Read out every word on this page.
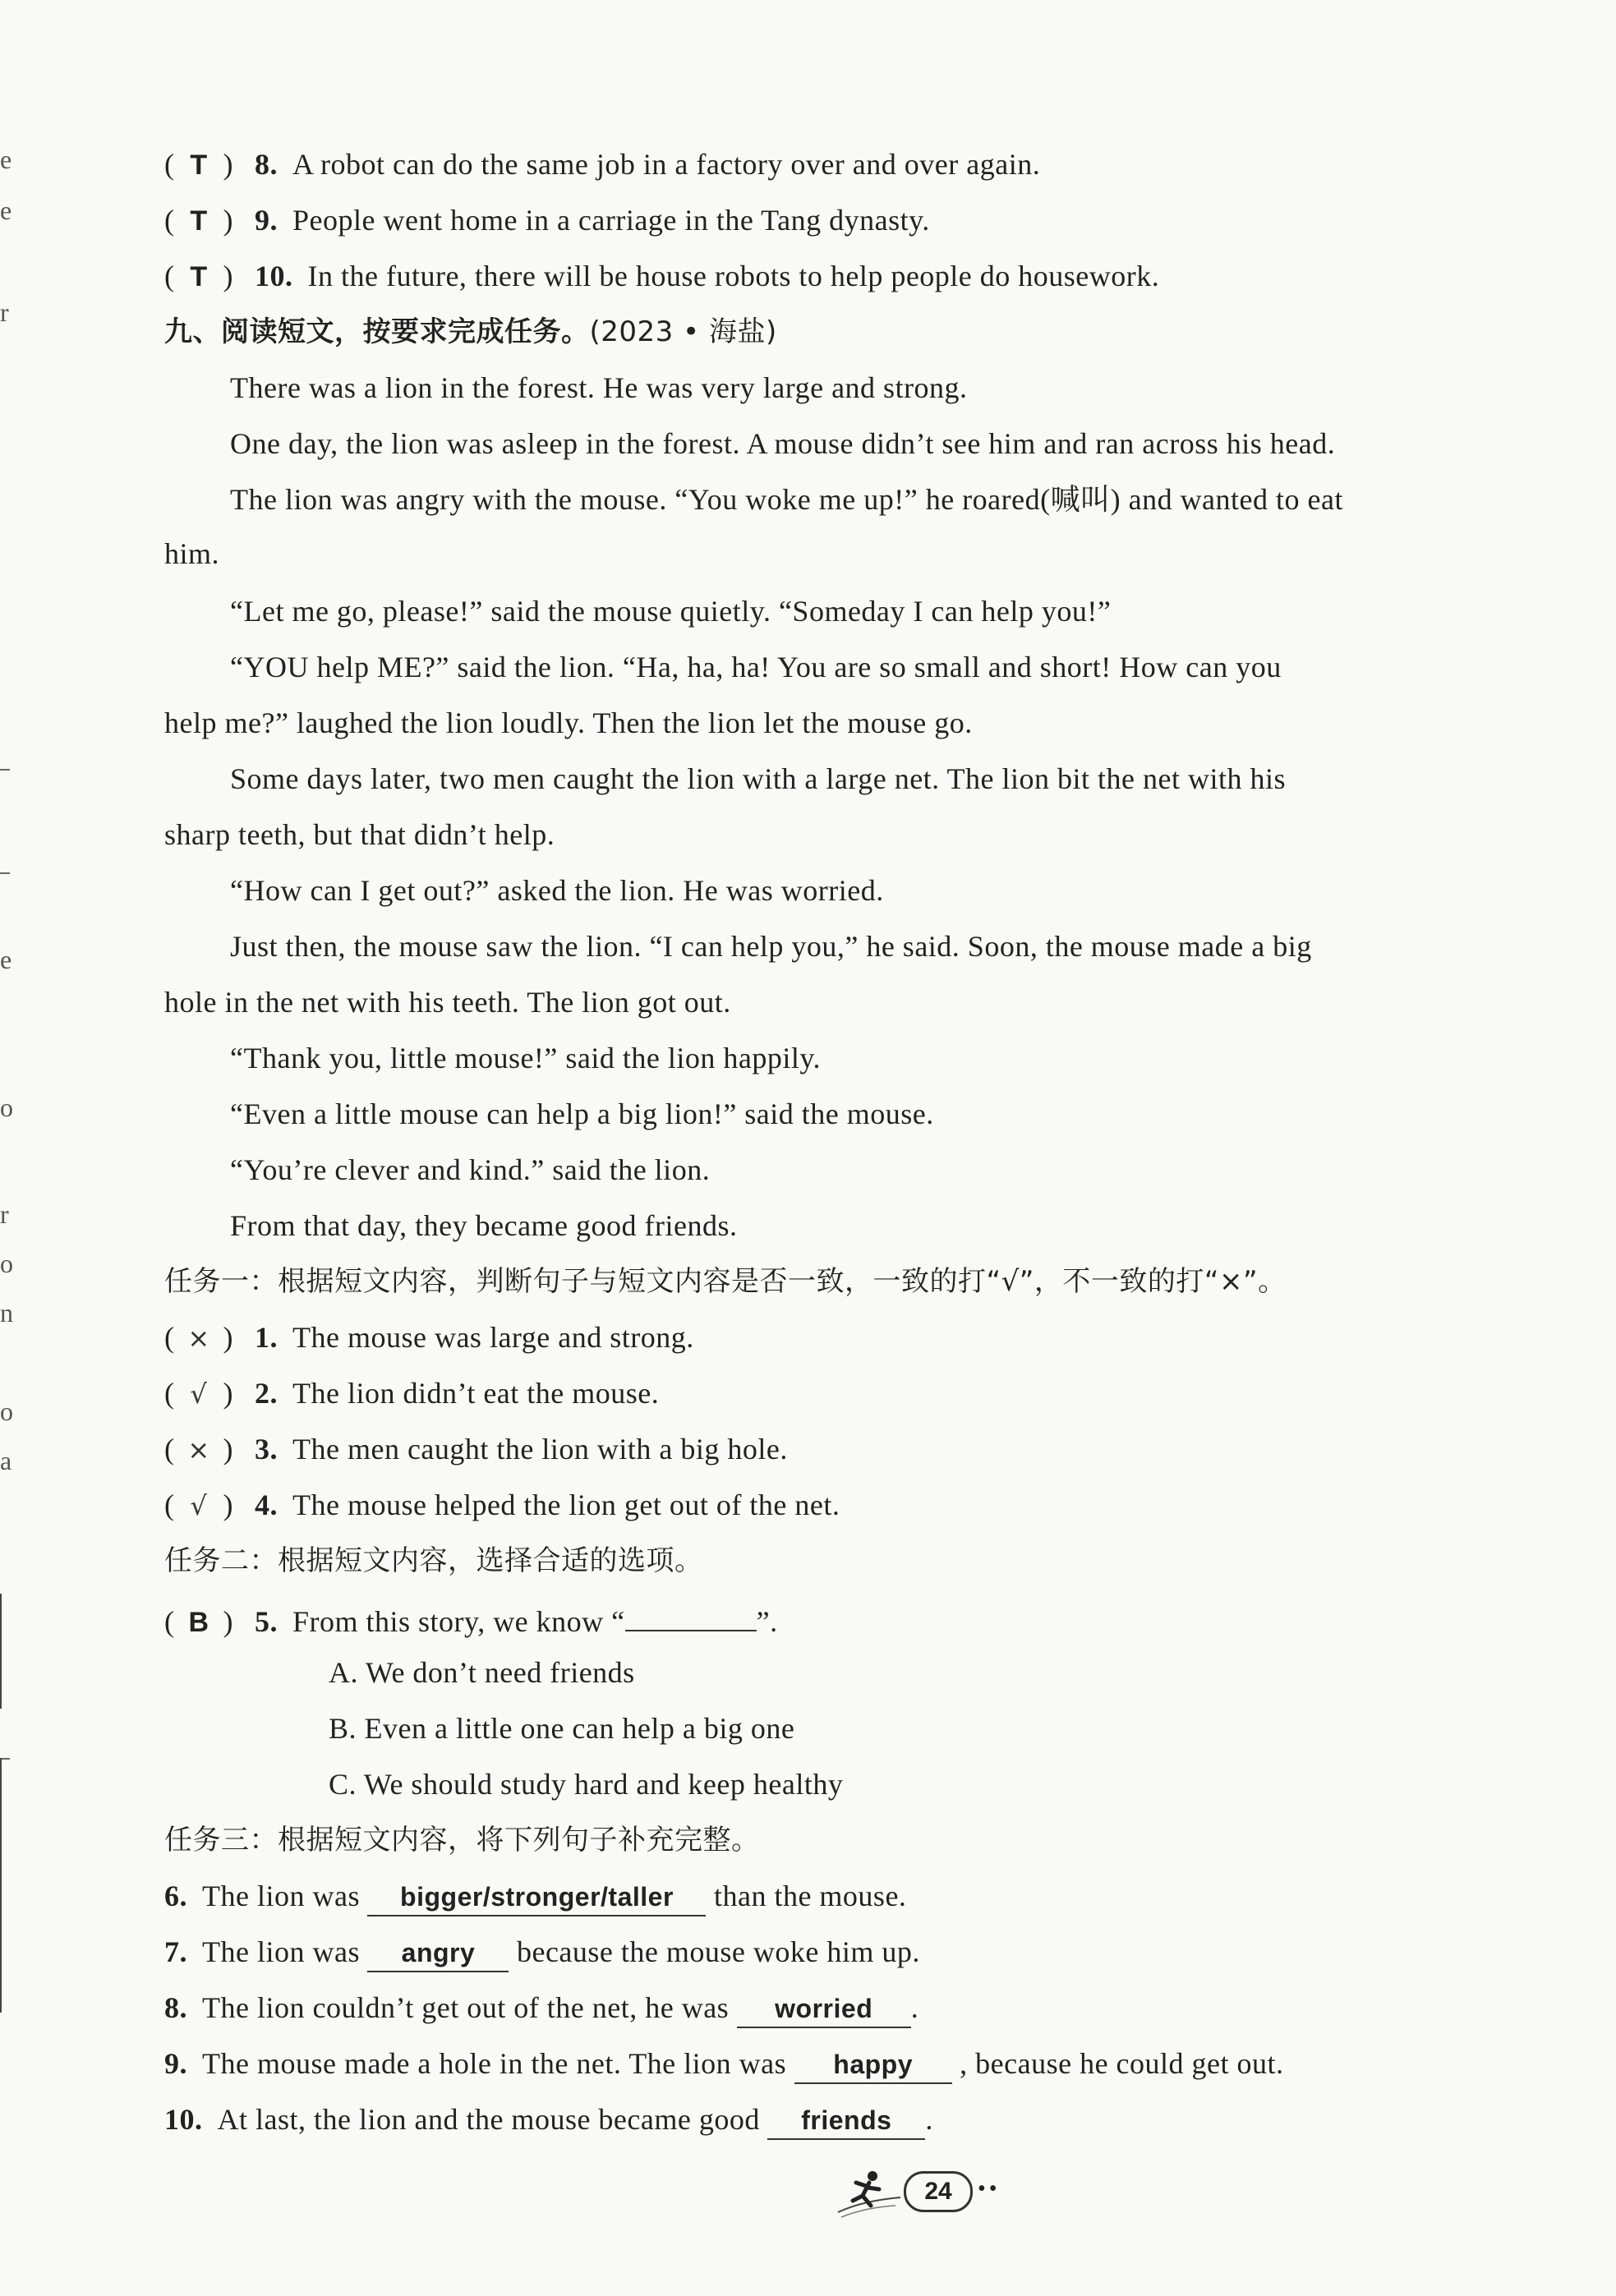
e
e
r
e
o
r
o
n
o
a
( T ) 8. A robot can do the same job in a factory over and over again.
( T ) 9. People went home in a carriage in the Tang dynasty.
( T ) 10. In the future, there will be house robots to help people do housework.
九、阅读短文，按要求完成任务。(2023 • 海盐)
There was a lion in the forest. He was very large and strong.
One day, the lion was asleep in the forest. A mouse didn’t see him and ran across his head.
The lion was angry with the mouse. “You woke me up!” he roared(喊叫) and wanted to eat
him.
“Let me go, please!” said the mouse quietly. “Someday I can help you!”
“YOU help ME?” said the lion. “Ha, ha, ha! You are so small and short! How can you
help me?” laughed the lion loudly. Then the lion let the mouse go.
Some days later, two men caught the lion with a large net. The lion bit the net with his
sharp teeth, but that didn’t help.
“How can I get out?” asked the lion. He was worried.
Just then, the mouse saw the lion. “I can help you,” he said. Soon, the mouse made a big
hole in the net with his teeth. The lion got out.
“Thank you, little mouse!” said the lion happily.
“Even a little mouse can help a big lion!” said the mouse.
“You’re clever and kind.” said the lion.
From that day, they became good friends.
任务一：根据短文内容，判断句子与短文内容是否一致，一致的打“√”，不一致的打“×”。
( × ) 1. The mouse was large and strong.
( √ ) 2. The lion didn’t eat the mouse.
( × ) 3. The men caught the lion with a big hole.
( √ ) 4. The mouse helped the lion get out of the net.
任务二：根据短文内容，选择合适的选项。
( B ) 5. From this story, we know “	”.
A. We don’t need friends
B. Even a little one can help a big one
C. We should study hard and keep healthy
任务三：根据短文内容，将下列句子补充完整。
6. The lion was bigger/stronger/taller than the mouse.
7. The lion was angry because the mouse woke him up.
8. The lion couldn’t get out of the net, he was worried .
9. The mouse made a hole in the net. The lion was happy , because he could get out.
10. At last, the lion and the mouse became good friends .
24	••
